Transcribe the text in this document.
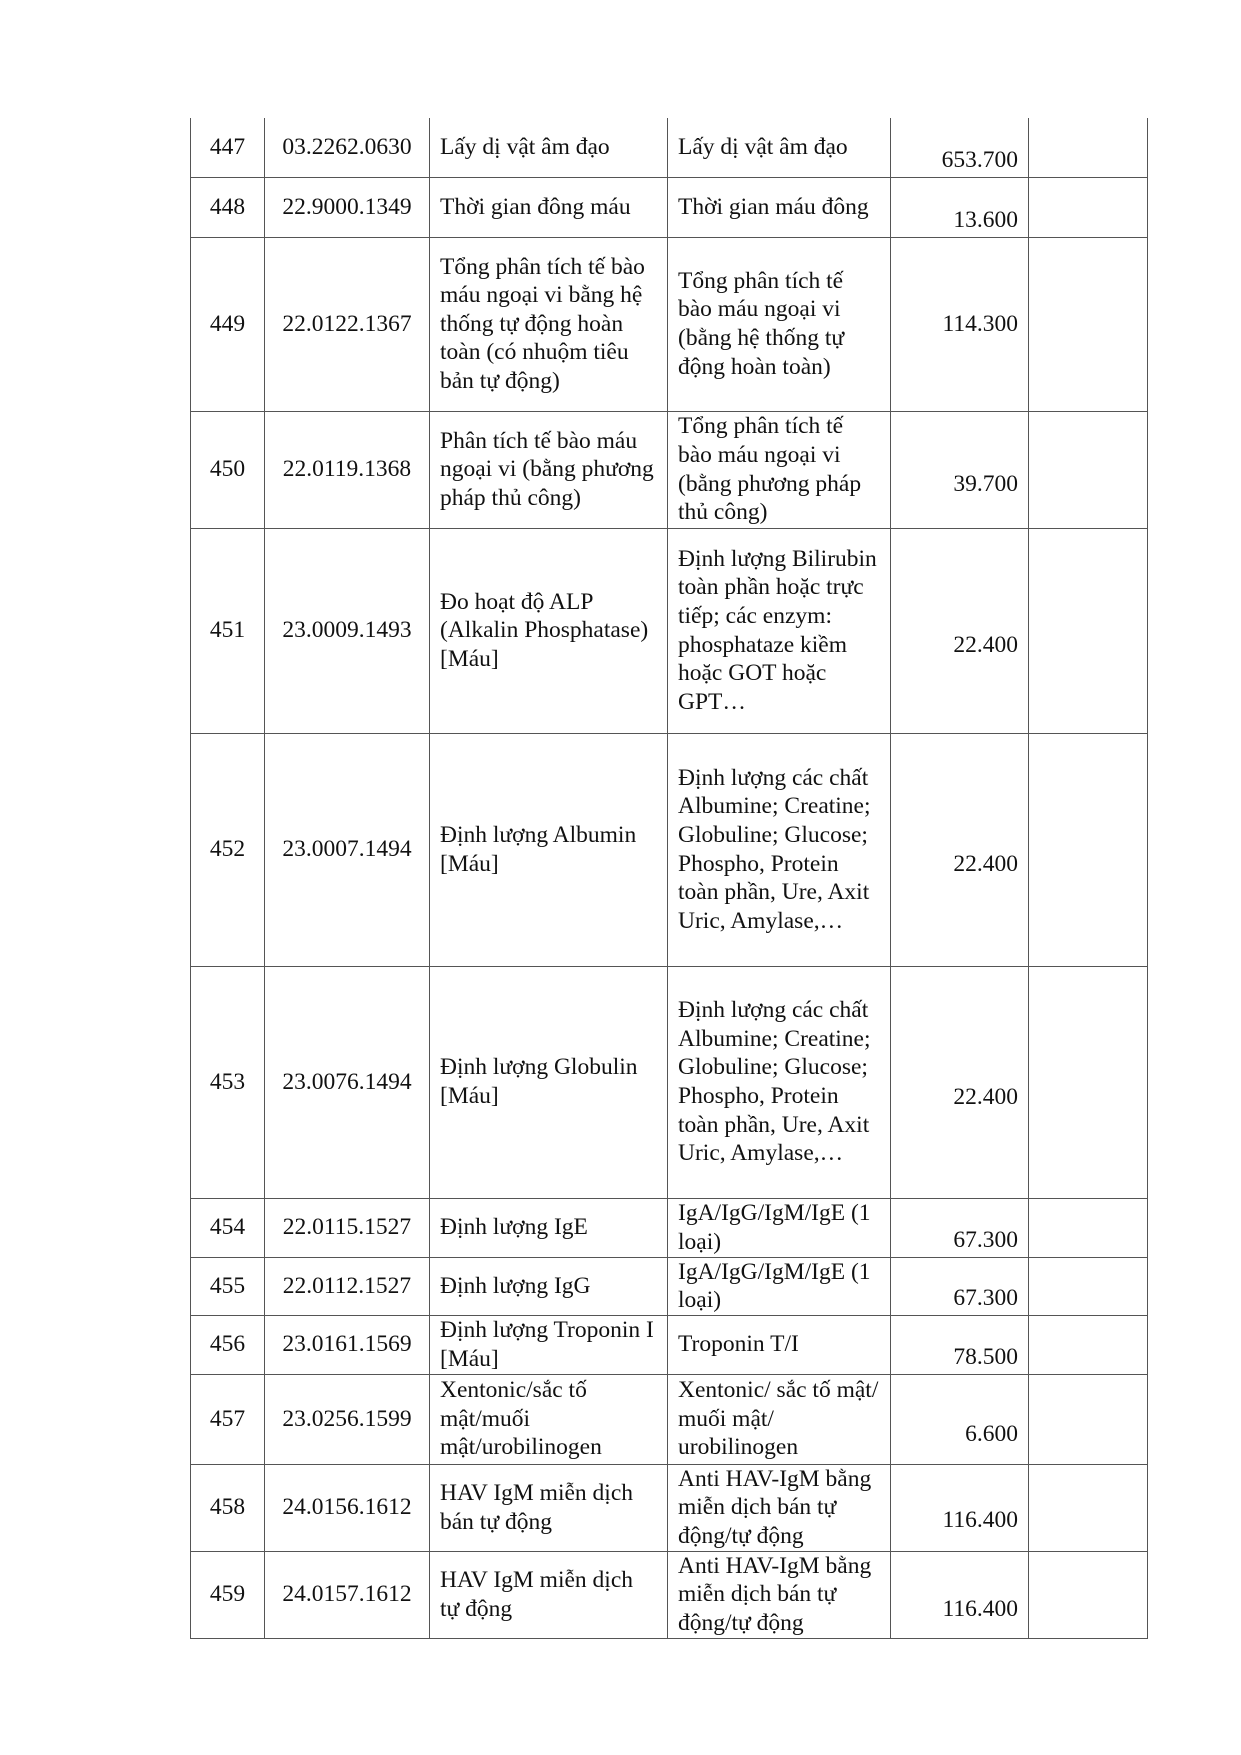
447	03.2262.0630	Lấy dị vật âm đạo	Lấy dị vật âm đạo	653.700	
448	22.9000.1349	Thời gian đông máu	Thời gian máu đông	13.600	
449	22.0122.1367	Tổng phân tích tế bào máu ngoại vi bằng hệ thống tự động hoàn toàn (có nhuộm tiêu bản tự động)	Tổng phân tích tế bào máu ngoại vi (bằng hệ thống tự động hoàn toàn)	114.300	
450	22.0119.1368	Phân tích tế bào máu ngoại vi (bằng phương pháp thủ công)	Tổng phân tích tế bào máu ngoại vi (bằng phương pháp thủ công)	39.700	
451	23.0009.1493	Đo hoạt độ ALP (Alkalin Phosphatase) [Máu]	Định lượng Bilirubin toàn phần hoặc trực tiếp; các enzym: phosphataze kiềm hoặc GOT hoặc GPT…	22.400	
452	23.0007.1494	Định lượng Albumin [Máu]	Định lượng các chất Albumine; Creatine; Globuline; Glucose; Phospho, Protein toàn phần, Ure, Axit Uric, Amylase,…	22.400	
453	23.0076.1494	Định lượng Globulin [Máu]	Định lượng các chất Albumine; Creatine; Globuline; Glucose; Phospho, Protein toàn phần, Ure, Axit Uric, Amylase,…	22.400	
454	22.0115.1527	Định lượng IgE	IgA/IgG/IgM/IgE (1 loại)	67.300	
455	22.0112.1527	Định lượng IgG	IgA/IgG/IgM/IgE (1 loại)	67.300	
456	23.0161.1569	Định lượng Troponin I [Máu]	Troponin T/I	78.500	
457	23.0256.1599	Xentonic/sắc tố mật/muối mật/urobilinogen	Xentonic/ sắc tố mật/ muối mật/ urobilinogen	6.600	
458	24.0156.1612	HAV IgM miễn dịch bán tự động	Anti HAV-IgM bằng miễn dịch bán tự động/tự động	116.400	
459	24.0157.1612	HAV IgM miễn dịch tự động	Anti HAV-IgM bằng miễn dịch bán tự động/tự động	116.400	
